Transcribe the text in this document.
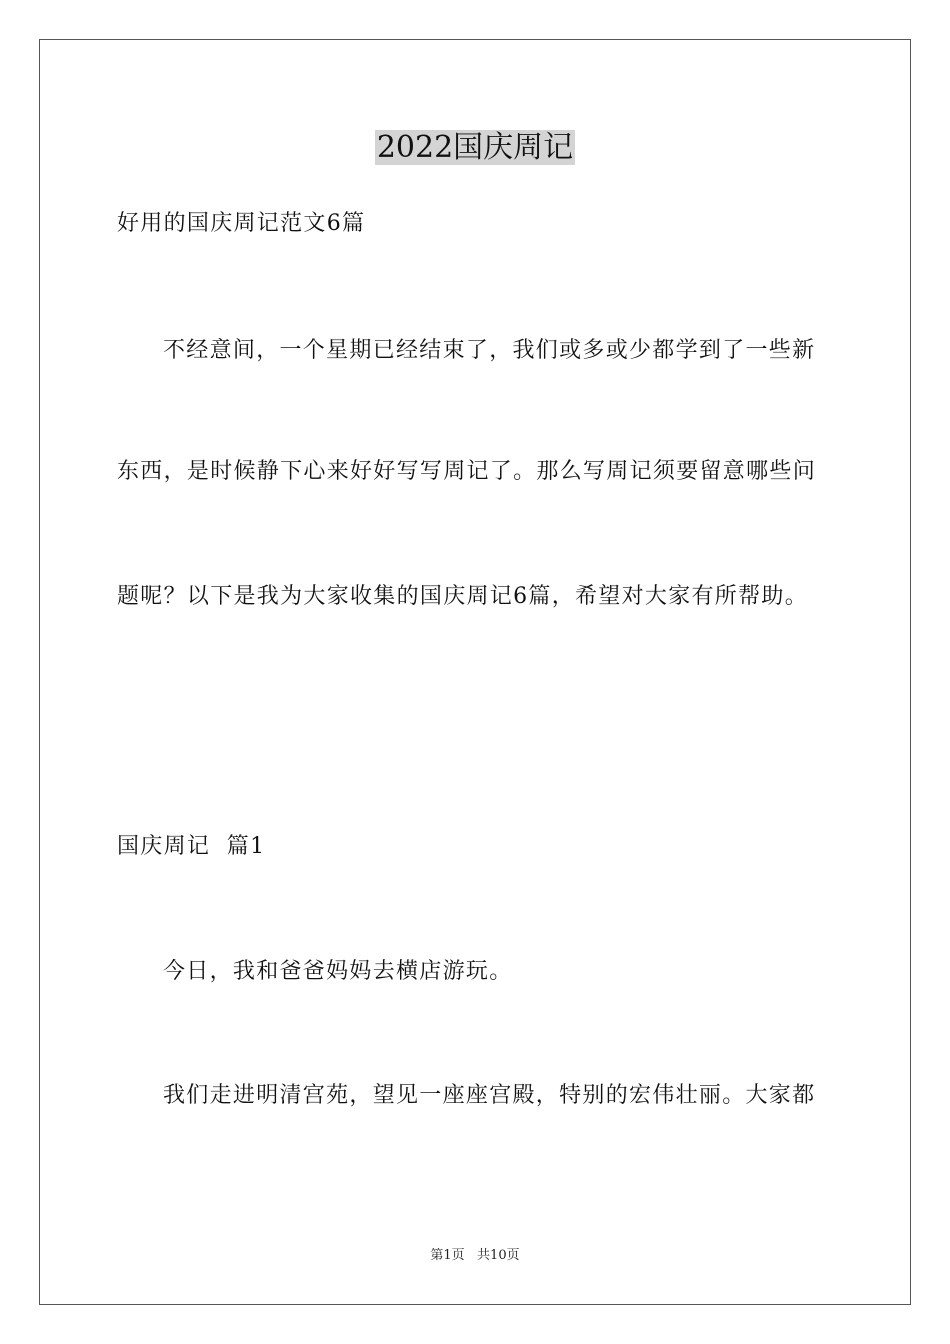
2022国庆周记
好用的国庆周记范文6篇
不经意间，一个星期已经结束了，我们或多或少都学到了一些新
东西，是时候静下心来好好写写周记了。那么写周记须要留意哪些问
题呢？以下是我为大家收集的国庆周记6篇，希望对大家有所帮助。
国庆周记  篇1
今日，我和爸爸妈妈去横店游玩。
我们走进明清宫苑，望见一座座宫殿，特别的宏伟壮丽。大家都
第1页   共10页
